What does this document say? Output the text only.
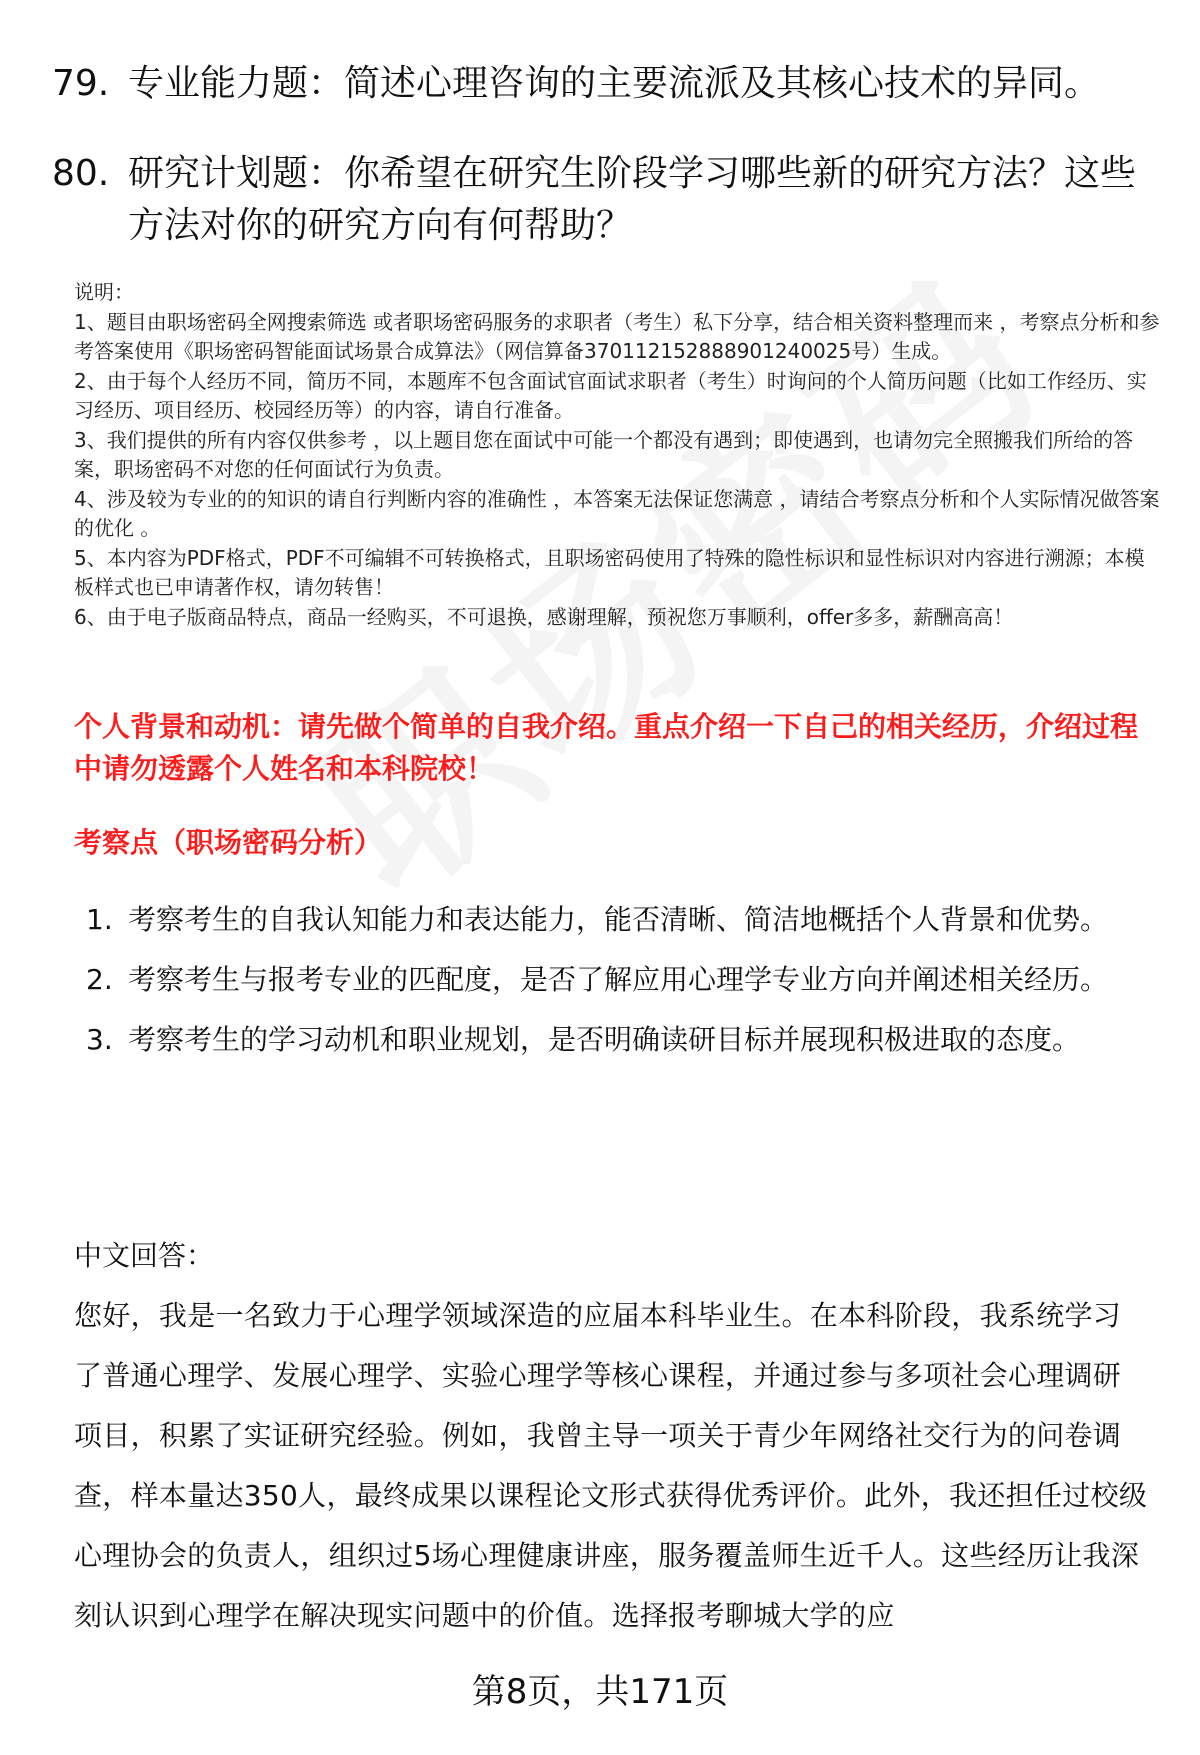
79. 专业能力题：简述心理咨询的主要流派及其核心技术的异同。
80. 研究计划题：你希望在研究生阶段学习哪些新的研究方法？这些方法对你的研究方向有何帮助？
说明：
1、题目由职场密码全网搜索筛选 或者职场密码服务的求职者（考生）私下分享，结合相关资料整理而来 ，考察点分析和参考答案使用《职场密码智能面试场景合成算法》（网信算备370112152888901240025号）生成。
2、由于每个人经历不同，简历不同，本题库不包含面试官面试求职者（考生）时询问的个人简历问题（比如工作经历、实习经历、项目经历、校园经历等）的内容，请自行准备。
3、我们提供的所有内容仅供参考 ，以上题目您在面试中可能一个都没有遇到；即使遇到，也请勿完全照搬我们所给的答案，职场密码不对您的任何面试行为负责。
4、涉及较为专业的的知识的请自行判断内容的准确性 ，本答案无法保证您满意 ，请结合考察点分析和个人实际情况做答案的优化 。
5、本内容为PDF格式，PDF不可编辑不可转换格式，且职场密码使用了特殊的隐性标识和显性标识对内容进行溯源；本模板样式也已申请著作权，请勿转售！
6、由于电子版商品特点，商品一经购买，不可退换，感谢理解，预祝您万事顺利，offer多多，薪酬高高！
个人背景和动机：请先做个简单的自我介绍。重点介绍一下自己的相关经历，介绍过程中请勿透露个人姓名和本科院校！
考察点（职场密码分析）
1. 考察考生的自我认知能力和表达能力，能否清晰、简洁地概括个人背景和优势。
2. 考察考生与报考专业的匹配度，是否了解应用心理学专业方向并阐述相关经历。
3. 考察考生的学习动机和职业规划，是否明确读研目标并展现积极进取的态度。
中文回答：
您好，我是一名致力于心理学领域深造的应届本科毕业生。在本科阶段，我系统学习了普通心理学、发展心理学、实验心理学等核心课程，并通过参与多项社会心理调研项目，积累了实证研究经验。例如，我曾主导一项关于青少年网络社交行为的问卷调查，样本量达350人，最终成果以课程论文形式获得优秀评价。此外，我还担任过校级心理协会的负责人，组织过5场心理健康讲座，服务覆盖师生近千人。这些经历让我深刻认识到心理学在解决现实问题中的价值。选择报考聊城大学的应
第8页，共171页
